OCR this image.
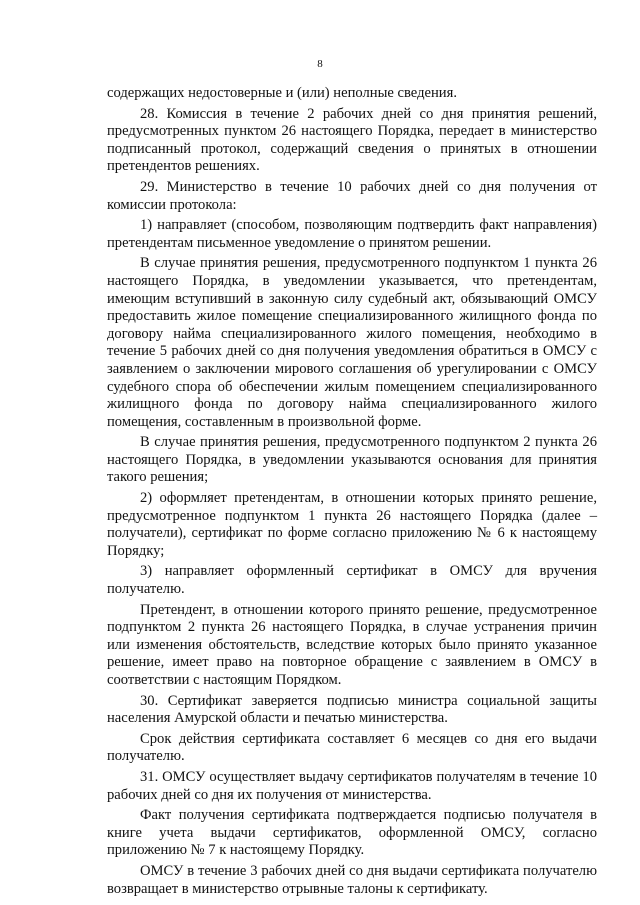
8

содержащих недостоверные и (или) неполные сведения.

28. Комиссия в течение 2 рабочих дней со дня принятия решений, предусмотренных пунктом 26 настоящего Порядка, передает в министерство подписанный протокол, содержащий сведения о принятых в отношении претендентов решениях.

29. Министерство в течение 10 рабочих дней со дня получения от комиссии протокола:

1) направляет (способом, позволяющим подтвердить факт направления) претендентам письменное уведомление о принятом решении.

В случае принятия решения, предусмотренного подпунктом 1 пункта 26 настоящего Порядка, в уведомлении указывается, что претендентам, имеющим вступивший в законную силу судебный акт, обязывающий ОМСУ предоставить жилое помещение специализированного жилищного фонда по договору найма специализированного жилого помещения, необходимо в течение 5 рабочих дней со дня получения уведомления обратиться в ОМСУ с заявлением о заключении мирового соглашения об урегулировании с ОМСУ судебного спора об обеспечении жилым помещением специализированного жилищного фонда по договору найма специализированного жилого помещения, составленным в произвольной форме.

В случае принятия решения, предусмотренного подпунктом 2 пункта 26 настоящего Порядка, в уведомлении указываются основания для принятия такого решения;

2) оформляет претендентам, в отношении которых принято решение, предусмотренное подпунктом 1 пункта 26 настоящего Порядка (далее – получатели), сертификат по форме согласно приложению № 6 к настоящему Порядку;

3) направляет оформленный сертификат в ОМСУ для вручения получателю.

Претендент, в отношении которого принято решение, предусмотренное подпунктом 2 пункта 26 настоящего Порядка, в случае устранения причин или изменения обстоятельств, вследствие которых было принято указанное решение, имеет право на повторное обращение с заявлением в ОМСУ в соответствии с настоящим Порядком.

30. Сертификат заверяется подписью министра социальной защиты населения Амурской области и печатью министерства.

Срок действия сертификата составляет 6 месяцев со дня его выдачи получателю.

31. ОМСУ осуществляет выдачу сертификатов получателям в течение 10 рабочих дней со дня их получения от министерства.

Факт получения сертификата подтверждается подписью получателя в книге учета выдачи сертификатов, оформленной ОМСУ, согласно приложению № 7 к настоящему Порядку.

ОМСУ в течение 3 рабочих дней со дня выдачи сертификата получателю возвращает в министерство отрывные талоны к сертификату.
